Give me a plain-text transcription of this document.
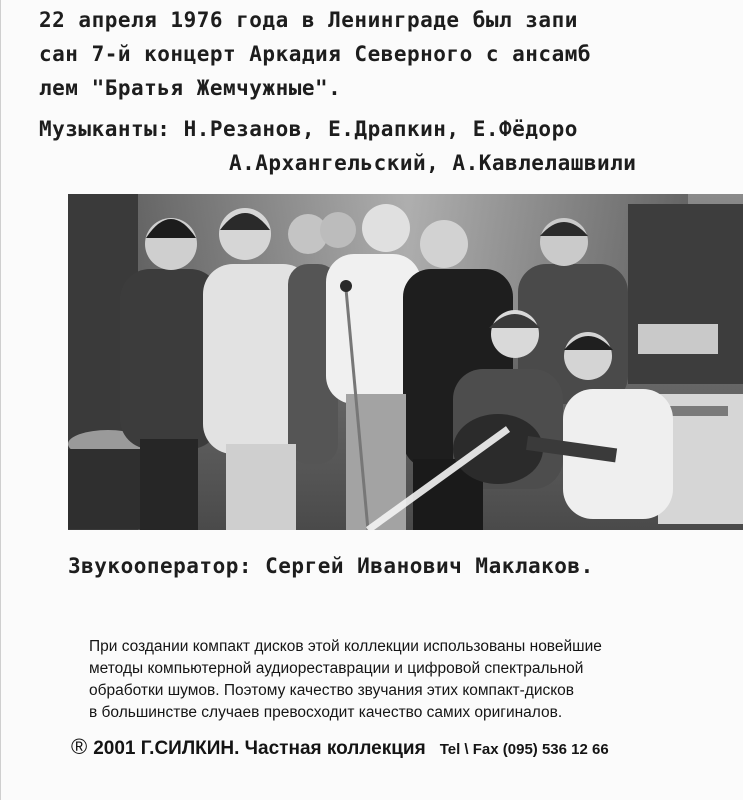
22 апреля 1976 года в Ленинграде был запи
сан 7-й концерт Аркадия Северного с ансамб
лем "Братья Жемчужные".
Музыканты: Н.Резанов, Е.Драпкин, Е.Фёдоро
А.Архангельский, А.Кавлелашвили
Звукооператор: Сергей Иванович Маклаков.
При создании компакт дисков этой коллекции использованы новейшие
методы компьютерной аудиореставрации и цифровой спектральной
обработки шумов. Поэтому качество звучания этих компакт-дисков
в большинстве случаев превосходит качество самих оригиналов.
® 2001 Г.СИЛКИН. Частная коллекция Tel \ Fax (095) 536 12 66
